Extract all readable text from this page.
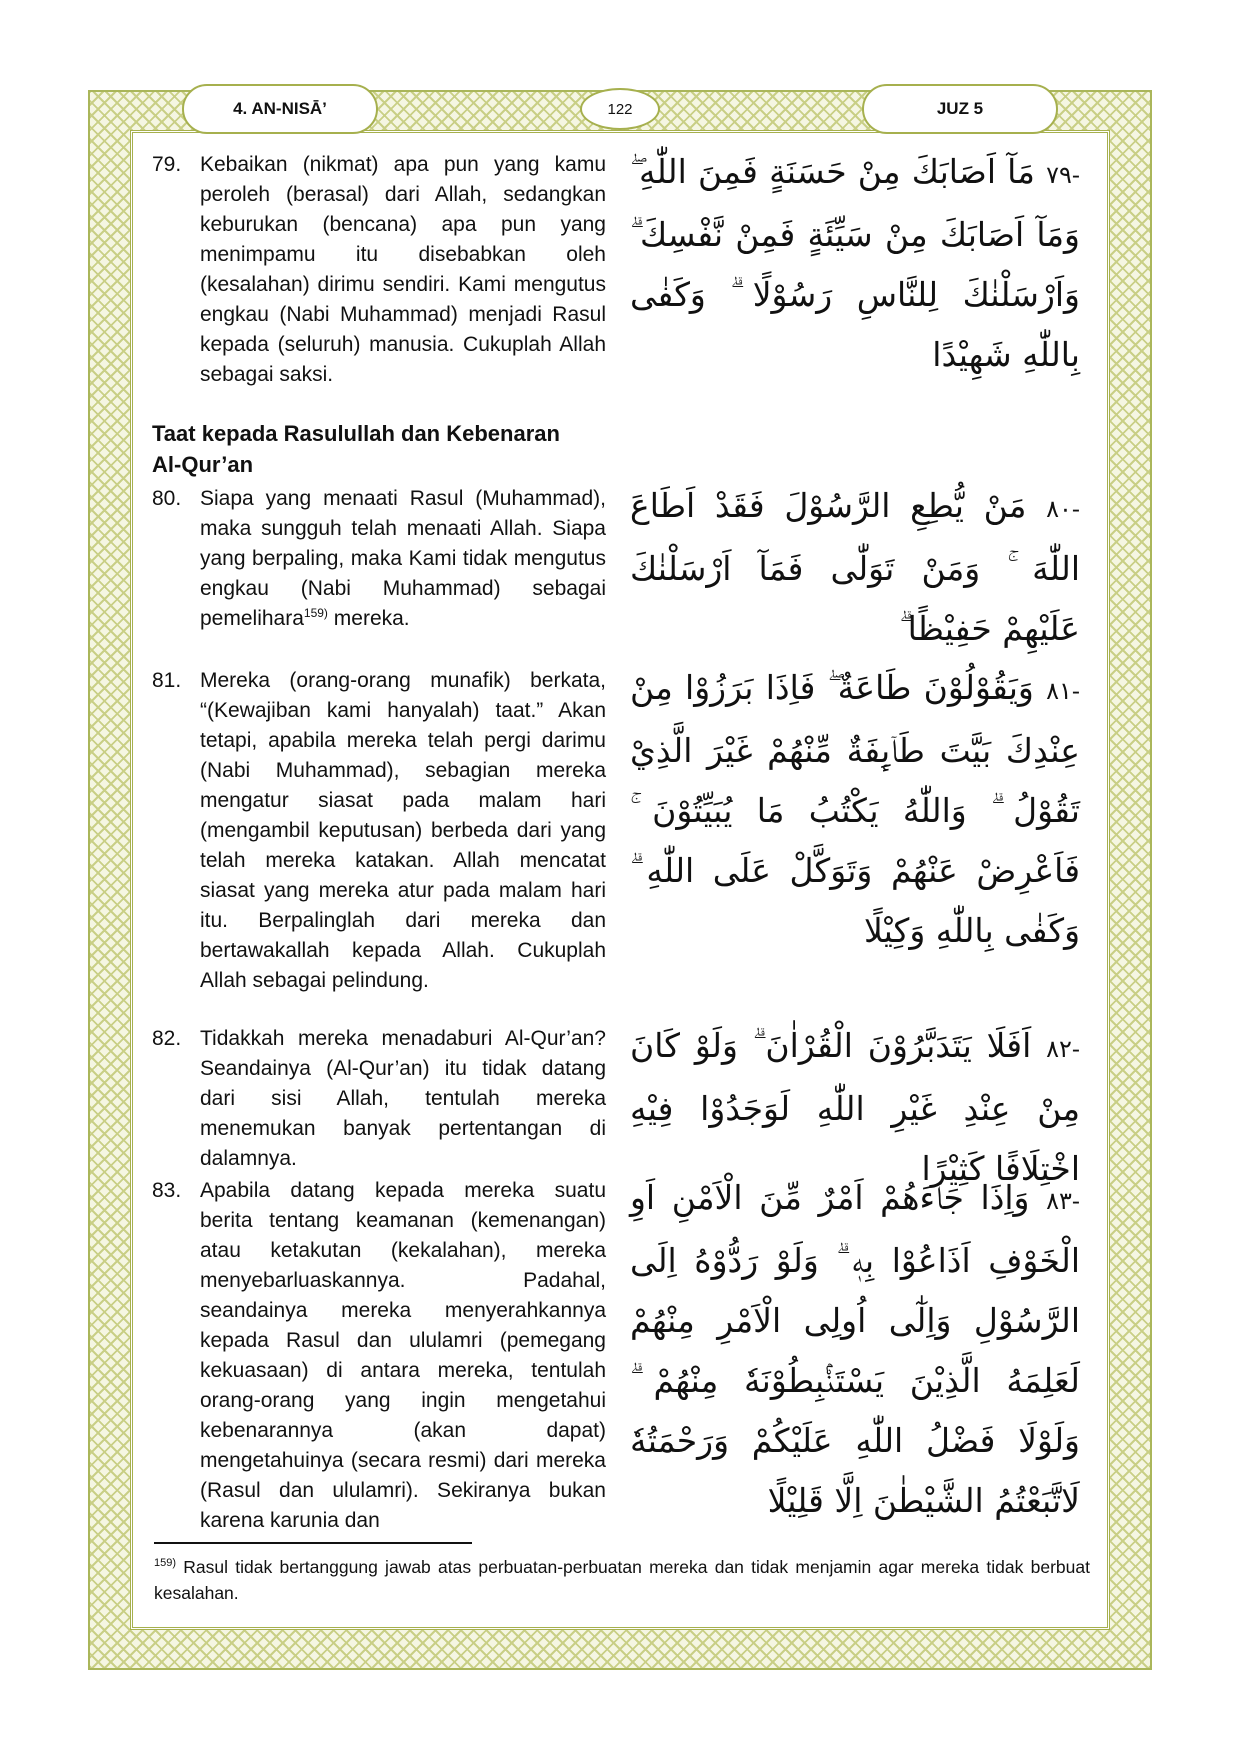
4. AN-NISĀ’	122	JUZ 5
79. Kebaikan (nikmat) apa pun yang kamu peroleh (berasal) dari Allah, sedangkan keburukan (bencana) apa pun yang menimpamu itu disebabkan oleh (kesalahan) dirimu sendiri. Kami mengutus engkau (Nabi Muhammad) menjadi Rasul kepada (seluruh) manusia. Cukuplah Allah sebagai saksi.
-٧٩ مَآ اَصَابَكَ مِنْ حَسَنَةٍ فَمِنَ اللّٰهِ ۖ وَمَآ اَصَابَكَ مِنْ سَيِّئَةٍ فَمِنْ نَّفْسِكَ ۗ وَاَرْسَلْنٰكَ لِلنَّاسِ رَسُوْلًا ۗ وَكَفٰى بِاللّٰهِ شَهِيْدًا
Taat kepada Rasulullah dan Kebenaran Al-Qur’an
80. Siapa yang menaati Rasul (Muhammad), maka sungguh telah menaati Allah. Siapa yang berpaling, maka Kami tidak mengutus engkau (Nabi Muhammad) sebagai pemelihara$^{159)}$ mereka.
-٨٠ مَنْ يُّطِعِ الرَّسُوْلَ فَقَدْ اَطَاعَ اللّٰهَ ۚ وَمَنْ تَوَلّٰى فَمَآ اَرْسَلْنٰكَ عَلَيْهِمْ حَفِيْظًا ۗ
81. Mereka (orang-orang munafik) berkata, “(Kewajiban kami hanyalah) taat.” Akan tetapi, apabila mereka telah pergi darimu (Nabi Muhammad), sebagian mereka mengatur siasat pada malam hari (mengambil keputusan) berbeda dari yang telah mereka katakan. Allah mencatat siasat yang mereka atur pada malam hari itu. Berpalinglah dari mereka dan bertawakallah kepada Allah. Cukuplah Allah sebagai pelindung.
-٨١ وَيَقُوْلُوْنَ طَاعَةٌ ۖ فَاِذَا بَرَزُوْا مِنْ عِنْدِكَ بَيَّتَ طَاۤىِٕفَةٌ مِّنْهُمْ غَيْرَ الَّذِيْ تَقُوْلُ ۗ وَاللّٰهُ يَكْتُبُ مَا يُبَيِّتُوْنَ ۚ فَاَعْرِضْ عَنْهُمْ وَتَوَكَّلْ عَلَى اللّٰهِ ۗ وَكَفٰى بِاللّٰهِ وَكِيْلًا
82. Tidakkah mereka menadaburi Al-Qur’an? Seandainya (Al-Qur’an) itu tidak datang dari sisi Allah, tentulah mereka menemukan banyak pertentangan di dalamnya.
-٨٢ اَفَلَا يَتَدَبَّرُوْنَ الْقُرْاٰنَ ۗ وَلَوْ كَانَ مِنْ عِنْدِ غَيْرِ اللّٰهِ لَوَجَدُوْا فِيْهِ اخْتِلَافًا كَثِيْرًا
83. Apabila datang kepada mereka suatu berita tentang keamanan (kemenangan) atau ketakutan (kekalahan), mereka menyebarluaskannya. Padahal, seandainya mereka menyerahkannya kepada Rasul dan ululamri (pemegang kekuasaan) di antara mereka, tentulah orang-orang yang ingin mengetahui kebenarannya (akan dapat) mengetahuinya (secara resmi) dari mereka (Rasul dan ululamri). Sekiranya bukan karena karunia dan
-٨٣ وَاِذَا جَاۤءَهُمْ اَمْرٌ مِّنَ الْاَمْنِ اَوِ الْخَوْفِ اَذَاعُوْا بِهٖ ۗ وَلَوْ رَدُّوْهُ اِلَى الرَّسُوْلِ وَاِلٰٓى اُولِى الْاَمْرِ مِنْهُمْ لَعَلِمَهُ الَّذِيْنَ يَسْتَنْۢبِطُوْنَهٗ مِنْهُمْ ۗ وَلَوْلَا فَضْلُ اللّٰهِ عَلَيْكُمْ وَرَحْمَتُهٗ لَاتَّبَعْتُمُ الشَّيْطٰنَ اِلَّا قَلِيْلًا
$^{159)}$ Rasul tidak bertanggung jawab atas perbuatan-perbuatan mereka dan tidak menjamin agar mereka tidak berbuat kesalahan.
